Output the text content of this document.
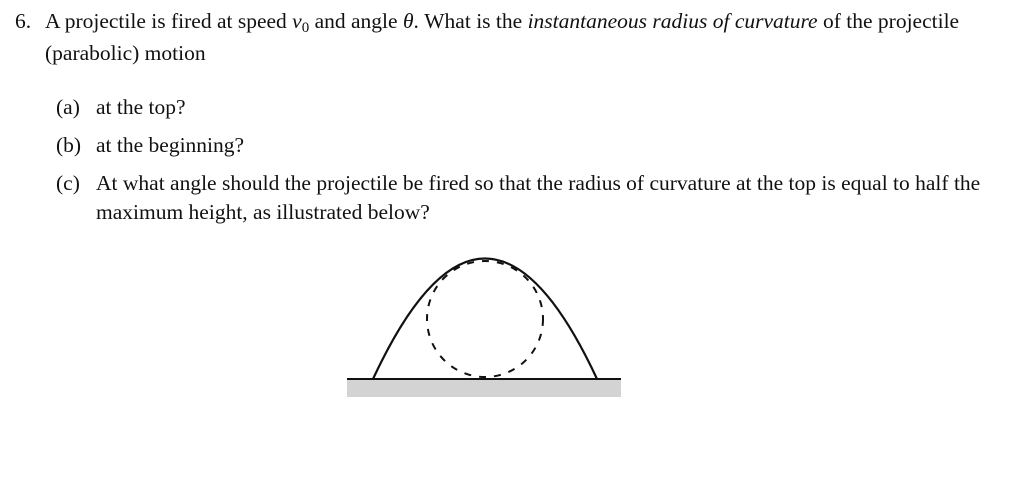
6. A projectile is fired at speed v0 and angle θ. What is the instantaneous radius of curvature of the projectile (parabolic) motion
(a) at the top?
(b) at the beginning?
(c) At what angle should the projectile be fired so that the radius of curvature at the top is equal to half the maximum height, as illustrated below?
